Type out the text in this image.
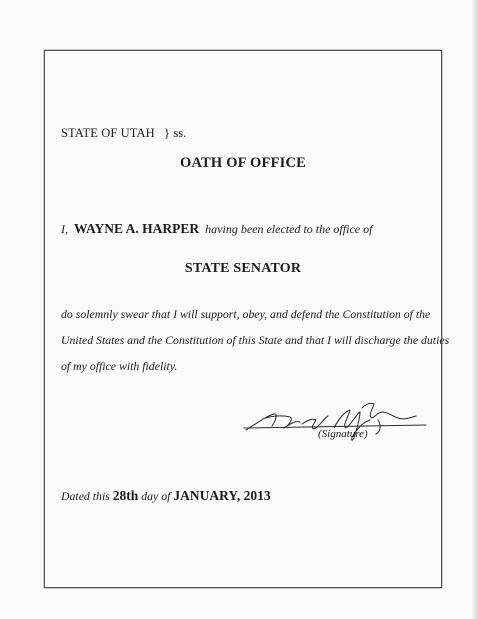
STATE OF UTAH } ss.
OATH OF OFFICE
I, WAYNE A. HARPER having been elected to the office of
STATE SENATOR
do solemnly swear that I will support, obey, and defend the Constitution of the
United States and the Constitution of this State and that I will discharge the duties
of my office with fidelity.
(Signature)
Dated this 28th day of JANUARY, 2013
